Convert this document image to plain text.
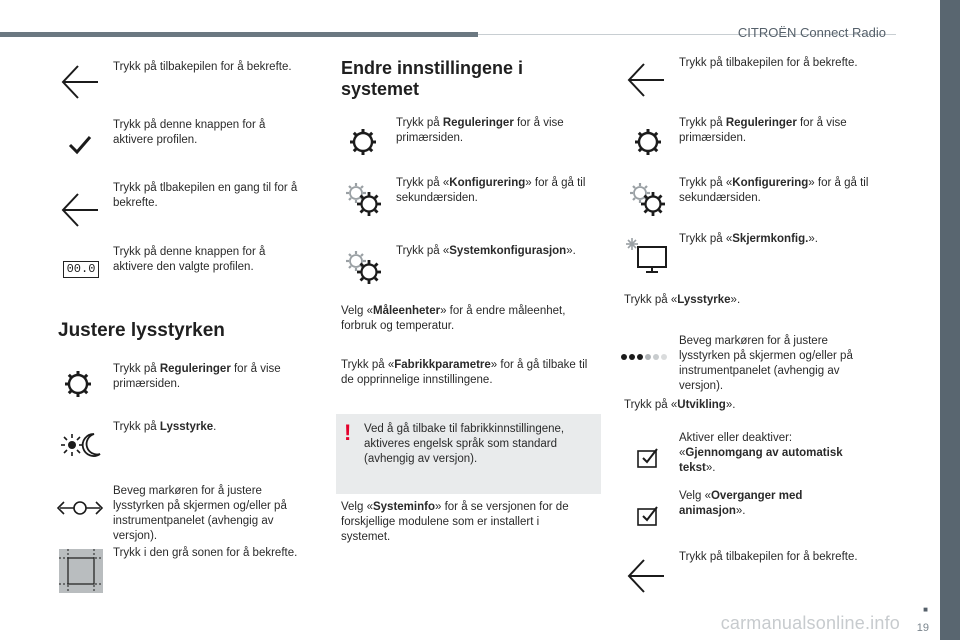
CITROËN Connect Radio
■
19
carmanualsonline.info
Trykk på tilbakepilen for å bekrefte.
Trykk på denne knappen for å aktivere profilen.
Trykk på tlbakepilen en gang til for å bekrefte.
00.0
Trykk på denne knappen for å aktivere den valgte profilen.
Justere lysstyrken
Trykk på Reguleringer for å vise primærsiden.
Trykk på Lysstyrke.
Beveg markøren for å justere lysstyrken på skjermen og/eller på instrumentpanelet (avhengig av versjon).
Trykk i den grå sonen for å bekrefte.
Endre innstillingene i
systemet
Trykk på Reguleringer for å vise primærsiden.
Trykk på «Konfigurering» for å gå til sekundærsiden.
Trykk på «Systemkonfigurasjon».
Velg «Måleenheter» for å endre måleenhet, forbruk og temperatur.
Trykk på «Fabrikkparametre» for å gå tilbake til de opprinnelige innstillingene.
! Ved å gå tilbake til fabrikkinnstillingene, aktiveres engelsk språk som standard (avhengig av versjon).
Velg «Systeminfo» for å se versjonen for de forskjellige modulene som er installert i systemet.
Trykk på tilbakepilen for å bekrefte.
Trykk på Reguleringer for å vise primærsiden.
Trykk på «Konfigurering» for å gå til sekundærsiden.
Trykk på «Skjermkonfig.».
Trykk på «Lysstyrke».
Beveg markøren for å justere lysstyrken på skjermen og/eller på instrumentpanelet (avhengig av versjon).
Trykk på «Utvikling».
Aktiver eller deaktiver: «Gjennomgang av automatisk tekst».
Velg «Overganger med animasjon».
Trykk på tilbakepilen for å bekrefte.
